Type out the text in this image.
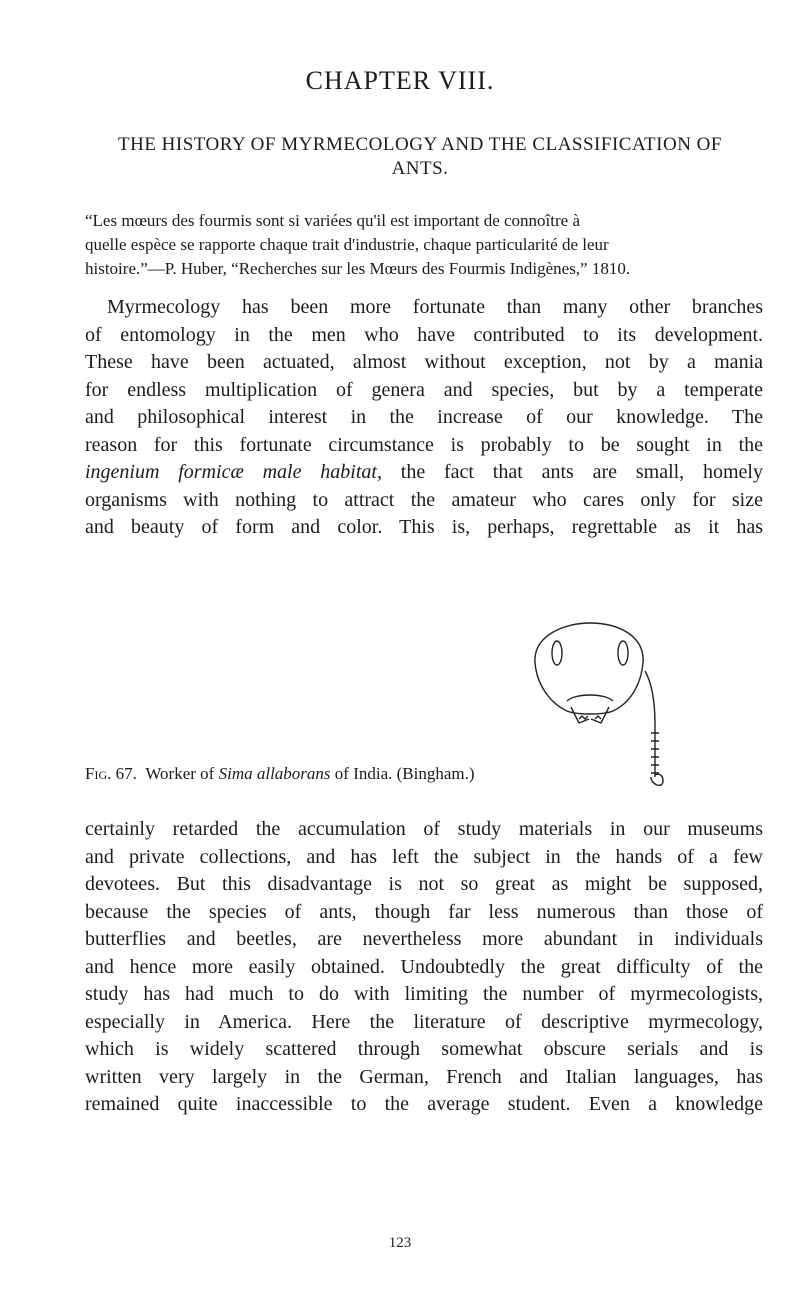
CHAPTER VIII.
THE HISTORY OF MYRMECOLOGY AND THE CLASSIFICATION OF ANTS.
“Les mœurs des fourmis sont si variées qu'il est important de connoître à
quelle espèce se rapporte chaque trait d'industrie, chaque particularité de leur
histoire.”—P. Huber, “Recherches sur les Mœurs des Fourmis Indigènes,” 1810.
Myrmecology has been more fortunate than many other branches
of entomology in the men who have contributed to its development.
These have been actuated, almost without exception, not by a mania
for endless multiplication of genera and species, but by a temperate
and philosophical interest in the increase of our knowledge. The
reason for this fortunate circumstance is probably to be sought in the
ingenium formicæ male habitat, the fact that ants are small, homely
organisms with nothing to attract the amateur who cares only for size
and beauty of form and color. This is, perhaps, regrettable as it has
Fig. 67. Worker of Sima allaborans of India. (Bingham.)
certainly retarded the accumulation of study materials in our museums
and private collections, and has left the subject in the hands of a few
devotees. But this disadvantage is not so great as might be supposed,
because the species of ants, though far less numerous than those of
butterflies and beetles, are nevertheless more abundant in individuals
and hence more easily obtained. Undoubtedly the great difficulty of the
study has had much to do with limiting the number of myrmecologists,
especially in America. Here the literature of descriptive myrmecology,
which is widely scattered through somewhat obscure serials and is
written very largely in the German, French and Italian languages, has
remained quite inaccessible to the average student. Even a knowledge
123
